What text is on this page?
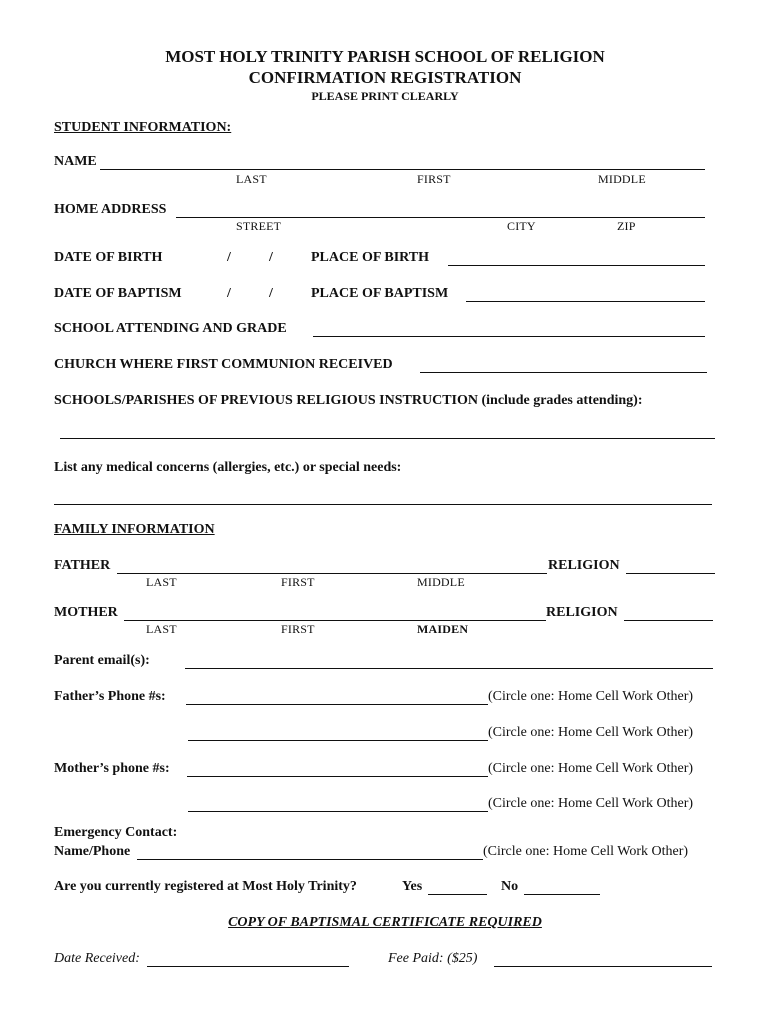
MOST HOLY TRINITY PARISH SCHOOL OF RELIGION
CONFIRMATION REGISTRATION
PLEASE PRINT CLEARLY
STUDENT INFORMATION:
NAME
LAST	FIRST	MIDDLE
HOME ADDRESS
STREET	CITY	ZIP
DATE OF BIRTH	/	/	PLACE OF BIRTH
DATE OF BAPTISM	/	/	PLACE OF BAPTISM
SCHOOL ATTENDING AND GRADE
CHURCH WHERE FIRST COMMUNION RECEIVED
SCHOOLS/PARISHES OF PREVIOUS RELIGIOUS INSTRUCTION (include grades attending):
List any medical concerns (allergies, etc.) or special needs:
FAMILY INFORMATION
FATHER	RELIGION
LAST	FIRST	MIDDLE
MOTHER	RELIGION
LAST	FIRST	MAIDEN
Parent email(s):
Father’s Phone #s:	(Circle one: Home Cell Work Other)
(Circle one: Home Cell Work Other)
Mother’s phone #s:	(Circle one: Home Cell Work Other)
(Circle one: Home Cell Work Other)
Emergency Contact:
Name/Phone	(Circle one: Home Cell Work Other)
Are you currently registered at Most Holy Trinity?	Yes	No
COPY OF BAPTISMAL CERTIFICATE REQUIRED
Date Received:	Fee Paid: ($25)
